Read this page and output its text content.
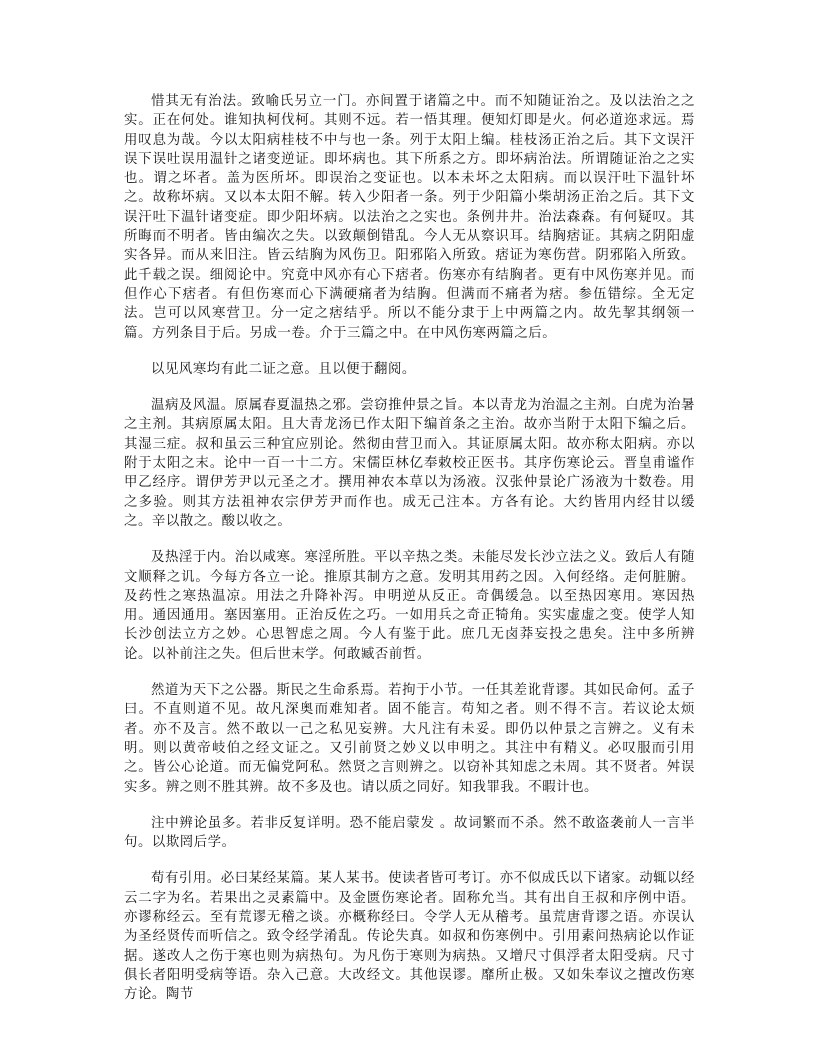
惜其无有治法。致喻氏另立一门。亦间置于诸篇之中。而不知随证治之。及以法治之之实。正在何处。谁知执柯伐柯。其则不远。若一悟其理。便知灯即是火。何必道迩求远。焉用叹息为哉。今以太阳病桂枝不中与也一条。列于太阳上编。桂枝汤正治之后。其下文误汗误下误吐误用温针之诸变逆证。即坏病也。其下所系之方。即坏病治法。所谓随证治之之实也。谓之坏者。盖为医所坏。即误治之变证也。以本未坏之太阳病。而以误汗吐下温针坏之。故称坏病。又以本太阳不解。转入少阳者一条。列于少阳篇小柴胡汤正治之后。其下文误汗吐下温针诸变症。即少阳坏病。以法治之之实也。条例井井。治法森森。有何疑叹。其所晦而不明者。皆由编次之失。以致颠倒错乱。今人无从察识耳。结胸痞证。其病之阴阳虚实各异。而从来旧注。皆云结胸为风伤卫。阳邪陷入所致。痞证为寒伤营。阴邪陷入所致。此千载之误。细阅论中。究竟中风亦有心下痞者。伤寒亦有结胸者。更有中风伤寒并见。而但作心下痞者。有但伤寒而心下满硬痛者为结胸。但满而不痛者为痞。参伍错综。全无定法。岂可以风寒营卫。分一定之痞结乎。所以不能分隶于上中两篇之内。故先挈其纲领一篇。方列条目于后。另成一卷。介于三篇之中。在中风伤寒两篇之后。

以见风寒均有此二证之意。且以便于翻阅。

温病及风温。原属春夏温热之邪。尝窃推仲景之旨。本以青龙为治温之主剂。白虎为治暑之主剂。其病原属太阳。且大青龙汤已作太阳下编首条之主治。故亦当附于太阳下编之后。其湿三症。叔和虽云三种宜应别论。然彻由营卫而入。其证原属太阳。故亦称太阳病。亦以附于太阳之末。论中一百一十二方。宋儒臣林亿奉敕校正医书。其序伤寒论云。晋皇甫谧作甲乙经序。谓伊芳尹以元圣之才。撰用神农本草以为汤液。汉张仲景论广汤液为十数卷。用之多验。则其方法祖神农宗伊芳尹而作也。成无己注本。方各有论。大约皆用内经甘以缓之。辛以散之。酸以收之。

及热淫于内。治以咸寒。寒淫所胜。平以辛热之类。未能尽发长沙立法之义。致后人有随文顺释之讥。今每方各立一论。推原其制方之意。发明其用药之因。入何经络。走何脏腑。及药性之寒热温凉。用法之升降补泻。申明逆从反正。奇偶缓急。以至热因寒用。寒因热用。通因通用。塞因塞用。正治反佐之巧。一如用兵之奇正犄角。实实虚虚之变。使学人知长沙创法立方之妙。心思智虑之周。今人有鉴于此。庶几无卤莽妄投之患矣。注中多所辨论。以补前注之失。但后世末学。何敢臧否前哲。

然道为天下之公器。斯民之生命系焉。若拘于小节。一任其差讹背谬。其如民命何。孟子曰。不直则道不见。故凡深奥而难知者。固不能言。苟知之者。则不得不言。若议论太烦者。亦不及言。然不敢以一己之私见妄辨。大凡注有未妥。即仍以仲景之言辨之。义有未明。则以黄帝岐伯之经文证之。又引前贤之妙义以申明之。其注中有精义。必叹服而引用之。皆公心论道。而无偏党阿私。然贤之言则辨之。以窃补其知虑之未周。其不贤者。舛误实多。辨之则不胜其辨。故不多及也。请以质之同好。知我罪我。不暇计也。

注中辨论虽多。若非反复详明。恐不能启蒙发 。故词繁而不杀。然不敢盗袭前人一言半句。以欺罔后学。

荀有引用。必曰某经某篇。某人某书。使读者皆可考订。亦不似成氏以下诸家。动辄以经云二字为名。若果出之灵素篇中。及金匮伤寒论者。固称允当。其有出自王叔和序例中语。亦谬称经云。至有荒谬无稽之谈。亦概称经曰。令学人无从稽考。虽荒唐背谬之语。亦误认为圣经贤传而听信之。致令经学淆乱。传论失真。如叔和伤寒例中。引用素问热病论以作证据。遂改人之伤于寒也则为病热句。为凡伤于寒则为病热。又增尺寸俱浮者太阳受病。尺寸俱长者阳明受病等语。杂入己意。大改经文。其他误谬。靡所止极。又如朱奉议之擅改伤寒方论。陶节
